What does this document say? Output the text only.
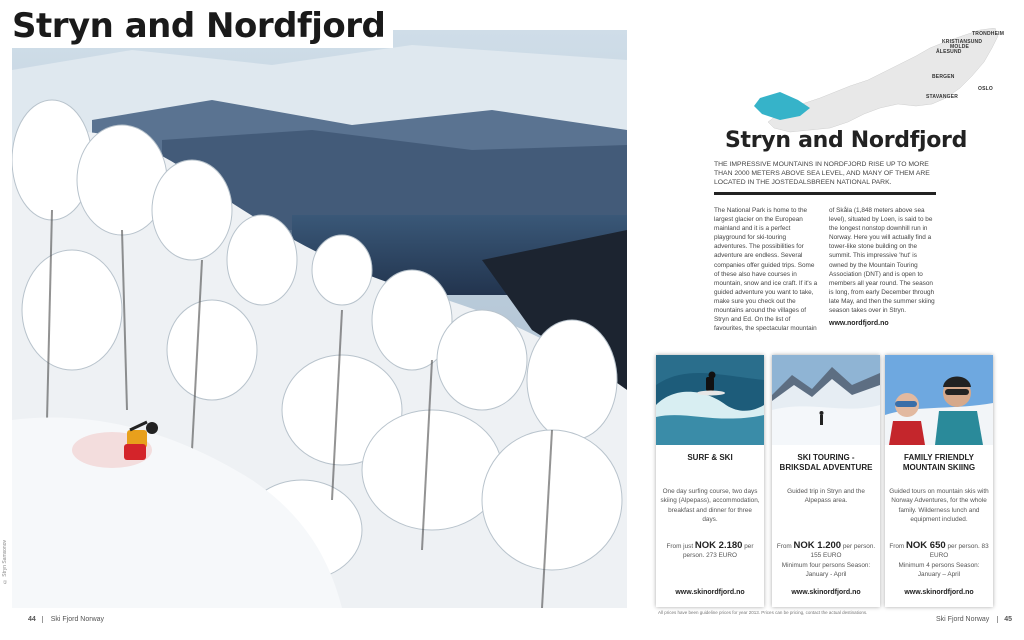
Stryn and Nordfjord
© Stryn Samsonov
44 Ski Fjord Norway
TRONDHEIM
KRISTIANSUND
MOLDE
ÅLESUND
BERGEN
OSLO
STAVANGER
Stryn and Nordfjord
THE IMPRESSIVE MOUNTAINS IN NORDFJORD RISE UP TO MORE THAN 2000 METERS ABOVE SEA LEVEL, AND MANY OF THEM ARE LOCATED IN THE JOSTEDALSBREEN NATIONAL PARK.
The National Park is home to the largest glacier on the European mainland and it is a perfect playground for ski-touring adventures. The possibilities for adventure are endless. Several companies offer guided trips. Some of these also have courses in mountain, snow and ice craft. If it's a guided adventure you want to take, make sure you check out the mountains around the villages of Stryn and Ed. On the list of favourites, the spectacular mountain
of Skåla (1,848 meters above sea level), situated by Loen, is said to be the longest nonstop downhill run in Norway. Here you will actually find a tower-like stone building on the summit. This impressive 'hut' is owned by the Mountain Touring Association (DNT) and is open to members all year round. The season is long, from early December through late May, and then the summer skiing season takes over in Stryn.
www.nordfjord.no
SURF & SKI
One day surfing course, two days skiing (Alpepass), accommodation, breakfast and dinner for three days.
From just NOK 2.180 per person. 273 EURO
www.skinordfjord.no
SKI TOURING - BRIKSDAL ADVENTURE
Guided trip in Stryn and the Alpepass area.
From NOK 1.200 per person. 155 EURO
Minimum four persons Season: January - April
www.skinordfjord.no
FAMILY FRIENDLY MOUNTAIN SKIING
Guided tours on mountain skis with Norway Adventures, for the whole family. Wilderness lunch and equipment included.
From NOK 650 per person. 83 EURO
Minimum 4 persons Season: January – April
www.skinordfjord.no
All prices have been guideline prices for year 2013. Prices can be pricing, contact the actual destinations.
Ski Fjord Norway 45
